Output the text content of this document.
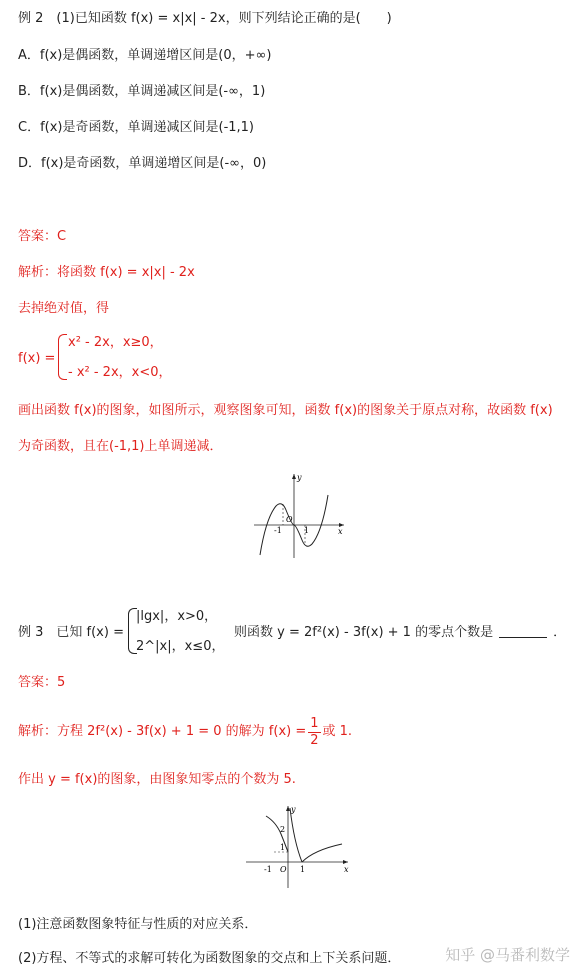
例 2　(1)已知函数 f(x) = x|x| - 2x，则下列结论正确的是(　　)
A．f(x)是偶函数，单调递增区间是(0，+∞)
B．f(x)是偶函数，单调递减区间是(-∞，1)
C．f(x)是奇函数，单调递减区间是(-1,1)
D．f(x)是奇函数，单调递增区间是(-∞，0)
答案：C
解析：将函数 f(x) = x|x| - 2x
去掉绝对值，得
f(x) =
x² - 2x，x≥0，
- x² - 2x，x<0，
画出函数 f(x)的图象，如图所示，观察图象可知，函数 f(x)的图象关于原点对称，故函数 f(x)
为奇函数，且在(-1,1)上单调递减．
y
x
O
-1	1
例 3　已知 f(x) =
|lgx|，x>0，
2^|x|，x≤0，
则函数 y = 2f²(x) - 3f(x) + 1 的零点个数是	．
答案：5
解析：方程 2f²(x) - 3f(x) + 1 = 0 的解为 $f(x) = \frac{1}{2}$ 或 1.
作出 y = f(x)的图象，由图象知零点的个数为 5.
y
x
O
-1	1
2
1
(1)注意函数图象特征与性质的对应关系．
(2)方程、不等式的求解可转化为函数图象的交点和上下关系问题．	知乎 @马番利数学
